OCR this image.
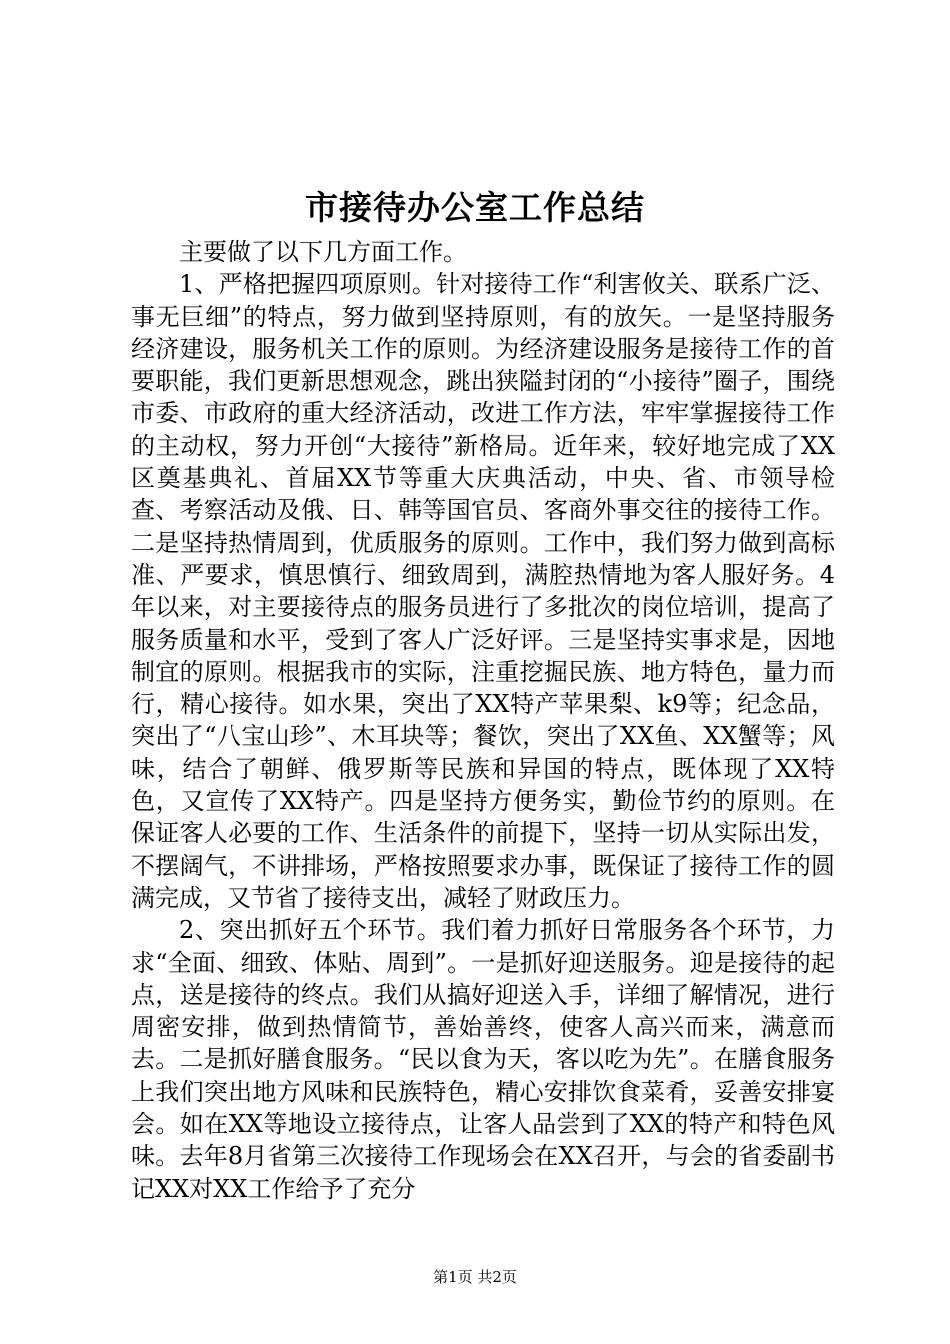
市接待办公室工作总结

主要做了以下几方面工作。

1、严格把握四项原则。针对接待工作“利害攸关、联系广泛、事无巨细”的特点，努力做到坚持原则，有的放矢。一是坚持服务经济建设，服务机关工作的原则。为经济建设服务是接待工作的首要职能，我们更新思想观念，跳出狭隘封闭的“小接待”圈子，围绕市委、市政府的重大经济活动，改进工作方法，牢牢掌握接待工作的主动权，努力开创“大接待”新格局。近年来，较好地完成了XX区奠基典礼、首届XX节等重大庆典活动，中央、省、市领导检查、考察活动及俄、日、韩等国官员、客商外事交往的接待工作。二是坚持热情周到，优质服务的原则。工作中，我们努力做到高标准、严要求，慎思慎行、细致周到，满腔热情地为客人服好务。4年以来，对主要接待点的服务员进行了多批次的岗位培训，提高了服务质量和水平，受到了客人广泛好评。三是坚持实事求是，因地制宜的原则。根据我市的实际，注重挖掘民族、地方特色，量力而行，精心接待。如水果，突出了XX特产苹果梨、k9等；纪念品，突出了“八宝山珍”、木耳块等；餐饮，突出了XX鱼、XX蟹等；风味，结合了朝鲜、俄罗斯等民族和异国的特点，既体现了XX特色，又宣传了XX特产。四是坚持方便务实，勤俭节约的原则。在保证客人必要的工作、生活条件的前提下，坚持一切从实际出发，不摆阔气，不讲排场，严格按照要求办事，既保证了接待工作的圆满完成，又节省了接待支出，减轻了财政压力。

2、突出抓好五个环节。我们着力抓好日常服务各个环节，力求“全面、细致、体贴、周到”。一是抓好迎送服务。迎是接待的起点，送是接待的终点。我们从搞好迎送入手，详细了解情况，进行周密安排，做到热情简节，善始善终，使客人高兴而来，满意而去。二是抓好膳食服务。“民以食为天，客以吃为先”。在膳食服务上我们突出地方风味和民族特色，精心安排饮食菜肴，妥善安排宴会。如在XX等地设立接待点，让客人品尝到了XX的特产和特色风味。去年8月省第三次接待工作现场会在XX召开，与会的省委副书记XX对XX工作给予了充分

第1页 共2页
